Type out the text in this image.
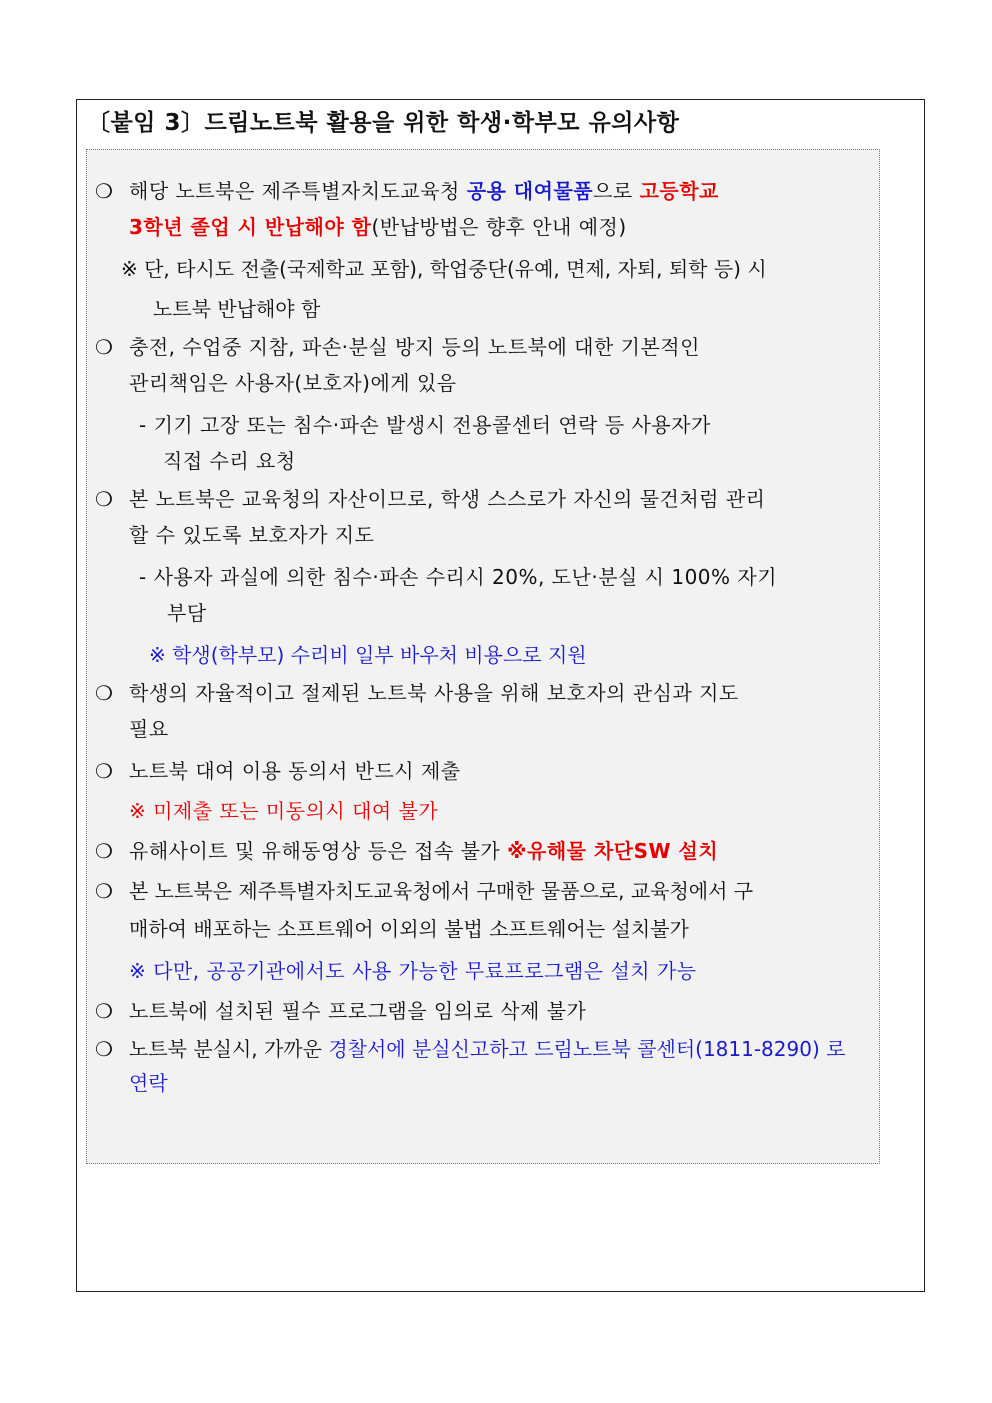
〔붙임 3〕드림노트북 활용을 위한 학생·학부모 유의사항
❍ 해당 노트북은 제주특별자치도교육청 공용 대여물품으로 고등학교
3학년 졸업 시 반납해야 함(반납방법은 향후 안내 예정)
※ 단, 타시도 전출(국제학교 포함), 학업중단(유예, 면제, 자퇴, 퇴학 등) 시
노트북 반납해야 함
❍ 충전, 수업중 지참, 파손·분실 방지 등의 노트북에 대한 기본적인
관리책임은 사용자(보호자)에게 있음
- 기기 고장 또는 침수·파손 발생시 전용콜센터 연락 등 사용자가
직접 수리 요청
❍ 본 노트북은 교육청의 자산이므로, 학생 스스로가 자신의 물건처럼 관리
할 수 있도록 보호자가 지도
- 사용자 과실에 의한 침수·파손 수리시 20%, 도난·분실 시 100% 자기
부담
※ 학생(학부모) 수리비 일부 바우처 비용으로 지원
❍ 학생의 자율적이고 절제된 노트북 사용을 위해 보호자의 관심과 지도
필요
❍ 노트북 대여 이용 동의서 반드시 제출
※ 미제출 또는 미동의시 대여 불가
❍ 유해사이트 및 유해동영상 등은 접속 불가 ※유해물 차단SW 설치
❍ 본 노트북은 제주특별자치도교육청에서 구매한 물품으로, 교육청에서 구
매하여 배포하는 소프트웨어 이외의 불법 소프트웨어는 설치불가
※ 다만, 공공기관에서도 사용 가능한 무료프로그램은 설치 가능
❍ 노트북에 설치된 필수 프로그램을 임의로 삭제 불가
❍ 노트북 분실시, 가까운 경찰서에 분실신고하고 드림노트북 콜센터(1811-8290) 로
연락
